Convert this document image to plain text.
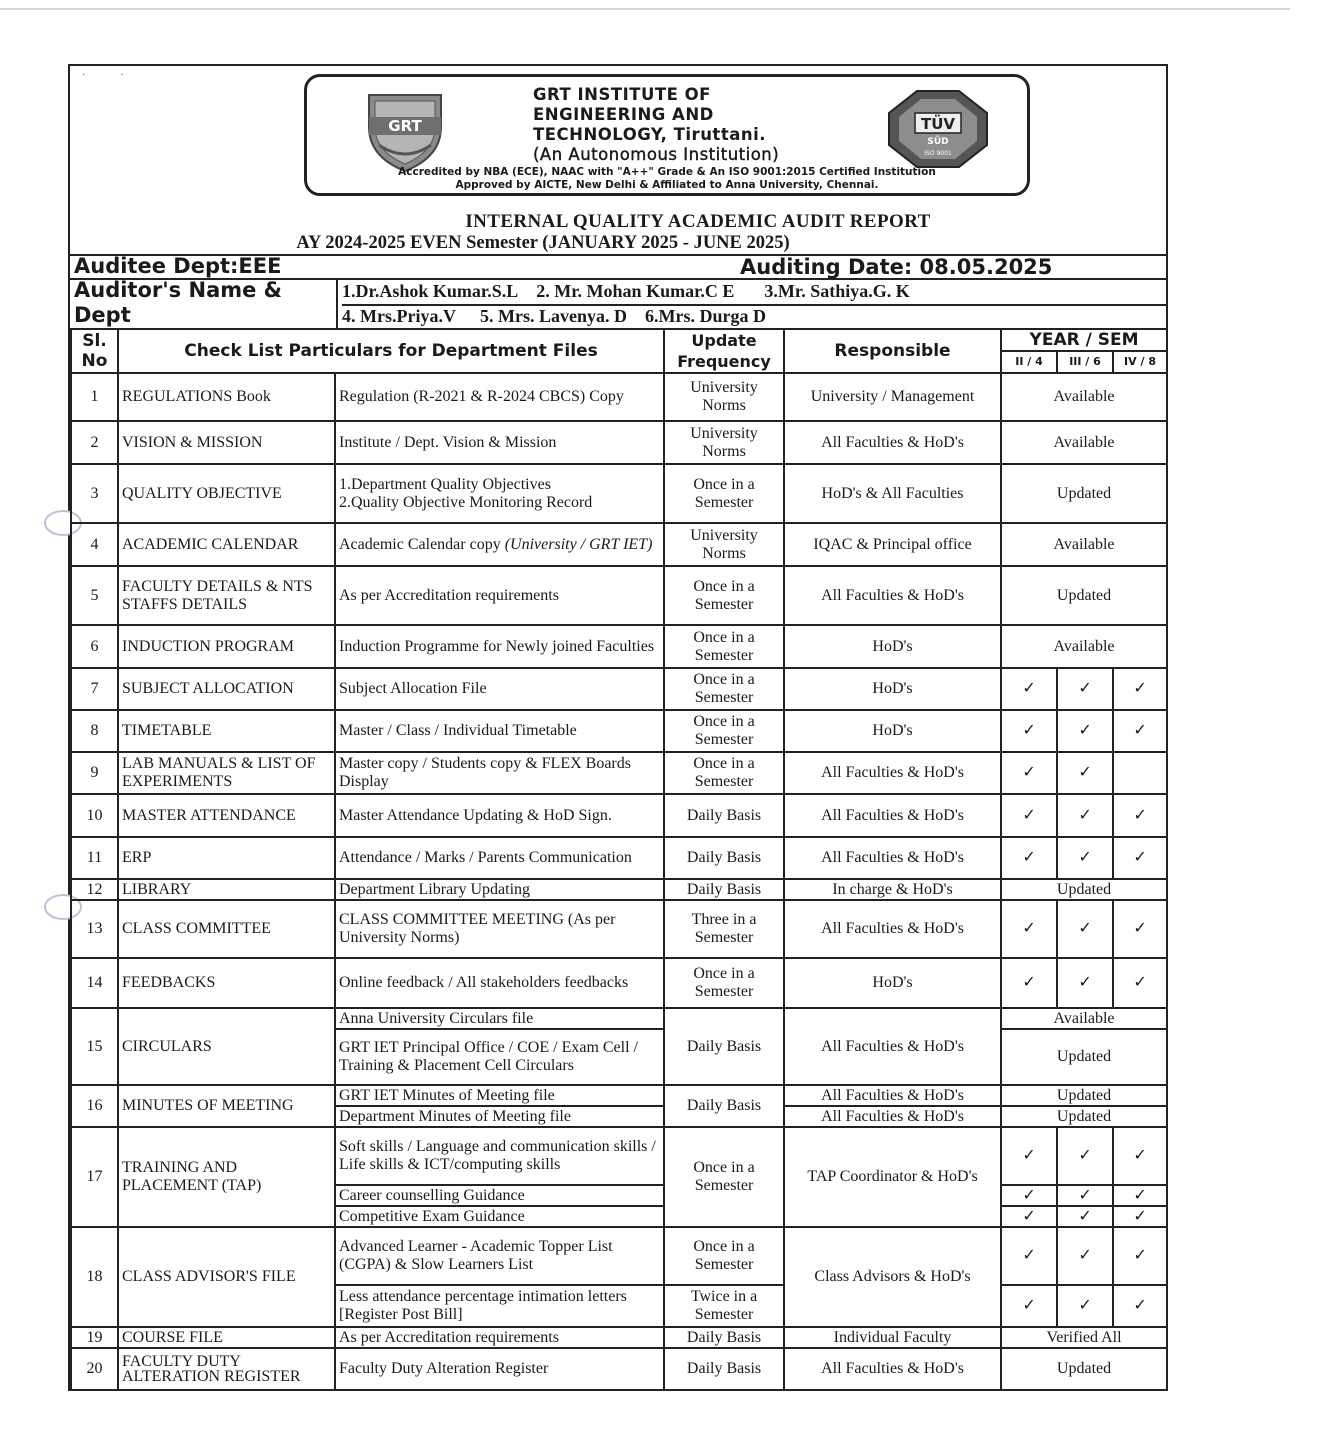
·              ·
GRT
GRT INSTITUTE OF
ENGINEERING AND
TECHNOLOGY, Tiruttani.
(An Autonomous Institution)
TÜV
SÜD
ISO 9001
Accredited by NBA (ECE), NAAC with "A++" Grade & An ISO 9001:2015 Certified Institution
Approved by AICTE, New Delhi & Affiliated to Anna University, Chennai.
INTERNAL QUALITY ACADEMIC AUDIT REPORT
AY 2024-2025 EVEN Semester (JANUARY 2025 - JUNE 2025)
Auditee Dept:EEE	Auditing Date: 08.05.2025
Auditor's Name & Dept
1.Dr.Ashok Kumar.S.L 2. Mr. Mohan Kumar.C E 3.Mr. Sathiya.G. K
4. Mrs.Priya.V 5. Mrs. Lavenya. D 6.Mrs. Durga D
Sl. No	Check List Particulars for Department Files		Update Frequency	Responsible	YEAR / SEM		
					II / 4	III / 6	IV / 8
1	REGULATIONS Book	Regulation (R-2021 & R-2024 CBCS) Copy	University Norms	University / Management	Available		
2	VISION & MISSION	Institute / Dept. Vision & Mission	University Norms	All Faculties & HoD's	Available		
3	QUALITY OBJECTIVE	1.Department Quality Objectives
2.Quality Objective Monitoring Record	Once in a Semester	HoD's & All Faculties	Updated		
4	ACADEMIC CALENDAR	Academic Calendar copy (University / GRT IET)	University Norms	IQAC & Principal office	Available		
5	FACULTY DETAILS & NTS STAFFS DETAILS	As per Accreditation requirements	Once in a Semester	All Faculties & HoD's	Updated		
6	INDUCTION PROGRAM	Induction Programme for Newly joined Faculties	Once in a Semester	HoD's	Available		
7	SUBJECT ALLOCATION	Subject Allocation File	Once in a Semester	HoD's	✓	✓	✓
8	TIMETABLE	Master / Class / Individual Timetable	Once in a Semester	HoD's	✓	✓	✓
9	LAB MANUALS & LIST OF EXPERIMENTS	Master copy / Students copy & FLEX Boards Display	Once in a Semester	All Faculties & HoD's	✓	✓	
10	MASTER ATTENDANCE	Master Attendance Updating & HoD Sign.	Daily Basis	All Faculties & HoD's	✓	✓	✓
11	ERP	Attendance / Marks / Parents Communication	Daily Basis	All Faculties & HoD's	✓	✓	✓
12	LIBRARY	Department Library Updating	Daily Basis	In charge & HoD's	Updated		
13	CLASS COMMITTEE	CLASS COMMITTEE MEETING (As per University Norms)	Three in a Semester	All Faculties & HoD's	✓	✓	✓
14	FEEDBACKS	Online feedback / All stakeholders feedbacks	Once in a Semester	HoD's	✓	✓	✓
15	CIRCULARS	Anna University Circulars file	Daily Basis	All Faculties & HoD's	Available		
		GRT IET Principal Office / COE / Exam Cell / Training & Placement Cell Circulars			Updated		
16	MINUTES OF MEETING	GRT IET Minutes of Meeting file	Daily Basis	All Faculties & HoD's	Updated		
		Department Minutes of Meeting file		All Faculties & HoD's	Updated		
17	TRAINING AND PLACEMENT (TAP)	Soft skills / Language and communication skills / Life skills & ICT/computing skills	Once in a Semester	TAP Coordinator & HoD's	✓	✓	✓
		Career counselling Guidance			✓	✓	✓
		Competitive Exam Guidance			✓	✓	✓
18	CLASS ADVISOR'S FILE	Advanced Learner - Academic Topper List (CGPA) & Slow Learners List	Once in a Semester	Class Advisors & HoD's	✓	✓	✓
		Less attendance percentage intimation letters [Register Post Bill]	Twice in a Semester		✓	✓	✓
19	COURSE FILE	As per Accreditation requirements	Daily Basis	Individual Faculty	Verified All		
20	FACULTY DUTY ALTERATION REGISTER	Faculty Duty Alteration Register	Daily Basis	All Faculties & HoD's	Updated		
